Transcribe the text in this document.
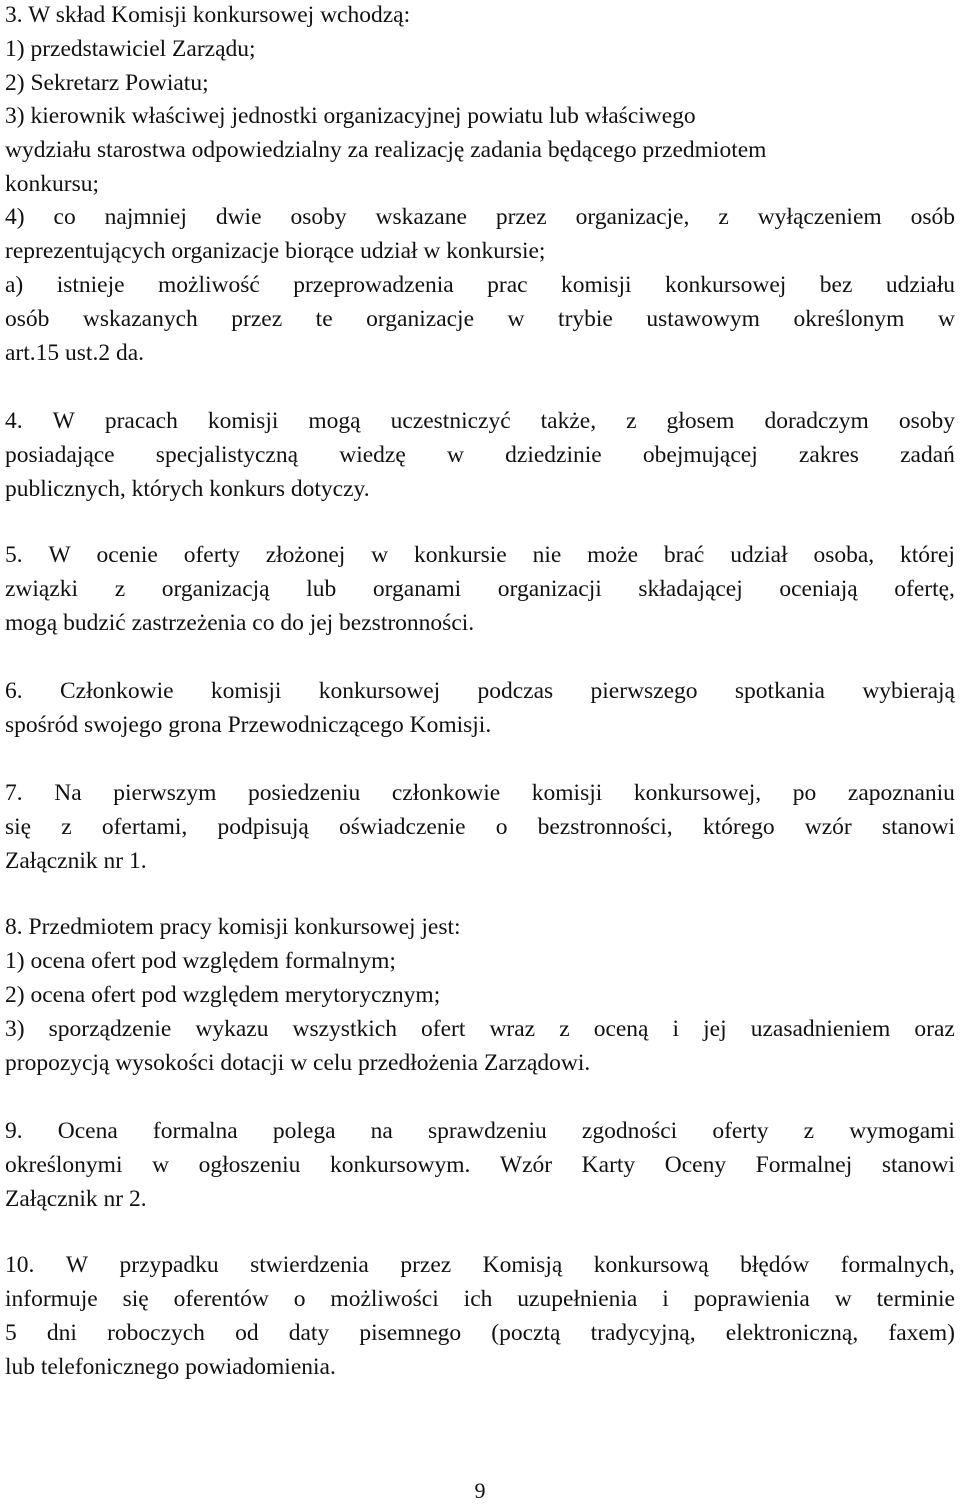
3. W skład Komisji konkursowej wchodzą:
1) przedstawiciel Zarządu;
2) Sekretarz Powiatu;
3) kierownik właściwej jednostki organizacyjnej powiatu lub właściwego
wydziału starostwa odpowiedzialny za realizację zadania będącego przedmiotem
konkursu;
4) co najmniej dwie osoby wskazane przez organizacje, z wyłączeniem osób
reprezentujących organizacje biorące udział w konkursie;
a) istnieje możliwość przeprowadzenia prac komisji konkursowej bez udziału
osób wskazanych przez te organizacje w trybie ustawowym określonym w
art.15 ust.2 da.
4. W pracach komisji mogą uczestniczyć także, z głosem doradczym osoby
posiadające specjalistyczną wiedzę w dziedzinie obejmującej zakres zadań
publicznych, których konkurs dotyczy.
5. W ocenie oferty złożonej w konkursie nie może brać udział osoba, której
związki z organizacją lub organami organizacji składającej oceniają ofertę,
mogą budzić zastrzeżenia co do jej bezstronności.
6. Członkowie komisji konkursowej podczas pierwszego spotkania wybierają
spośród swojego grona Przewodniczącego Komisji.
7. Na pierwszym posiedzeniu członkowie komisji konkursowej, po zapoznaniu
się z ofertami, podpisują oświadczenie o bezstronności, którego wzór stanowi
Załącznik nr 1.
8. Przedmiotem pracy komisji konkursowej jest:
1) ocena ofert pod względem formalnym;
2) ocena ofert pod względem merytorycznym;
3) sporządzenie wykazu wszystkich ofert wraz z oceną i jej uzasadnieniem oraz
propozycją wysokości dotacji w celu przedłożenia Zarządowi.
9. Ocena formalna polega na sprawdzeniu zgodności oferty z wymogami
określonymi w ogłoszeniu konkursowym. Wzór Karty Oceny Formalnej stanowi
Załącznik nr 2.
10. W przypadku stwierdzenia przez Komisją konkursową błędów formalnych,
informuje się oferentów o możliwości ich uzupełnienia i poprawienia w terminie
5 dni roboczych od daty pisemnego (pocztą tradycyjną, elektroniczną, faxem)
lub telefonicznego powiadomienia.
9
